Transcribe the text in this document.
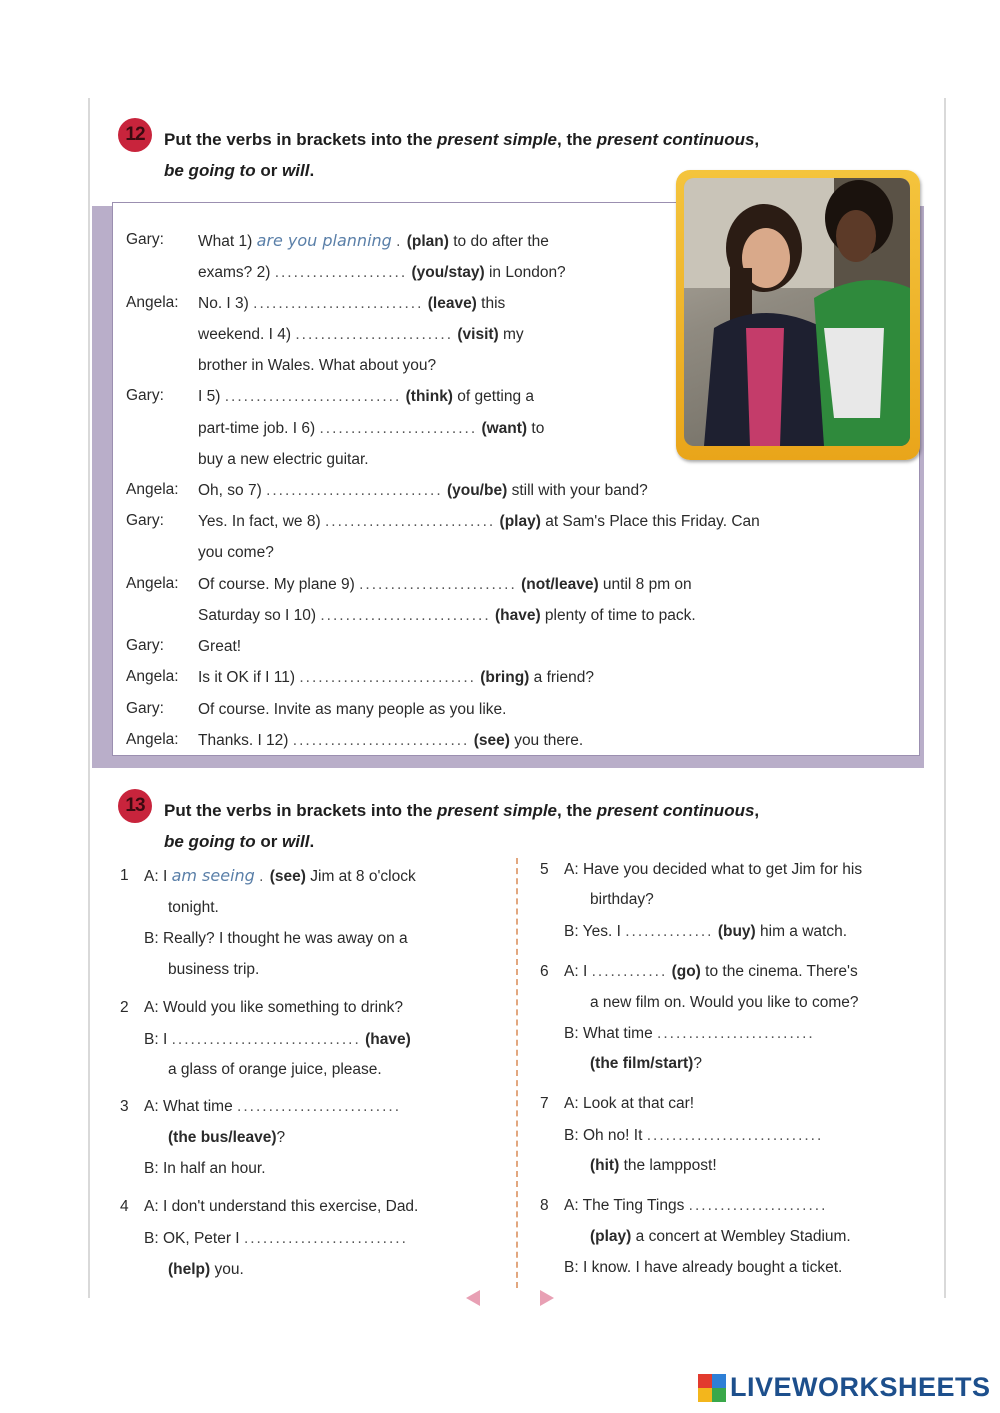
12	Put the verbs in brackets into the present simple, the present continuous,
be going to or will.
Gary: What 1) are you planning . (plan) to do after the
exams? 2) ..................... (you/stay) in London?
Angela: No. I 3) ........................... (leave) this
weekend. I 4) ......................... (visit) my
brother in Wales. What about you?
Gary: I 5) ............................ (think) of getting a
part-time job. I 6) ......................... (want) to
buy a new electric guitar.
Angela: Oh, so 7) ............................ (you/be) still with your band?
Gary: Yes. In fact, we 8) ........................... (play) at Sam's Place this Friday. Can
you come?
Angela: Of course. My plane 9) ......................... (not/leave) until 8 pm on
Saturday so I 10) ........................... (have) plenty of time to pack.
Gary: Great!
Angela: Is it OK if I 11) ............................ (bring) a friend?
Gary: Of course. Invite as many people as you like.
Angela: Thanks. I 12) ............................ (see) you there.
13	Put the verbs in brackets into the present simple, the present continuous,
be going to or will.
1 A: I am seeing . (see) Jim at 8 o'clock
tonight.
B: Really? I thought he was away on a
business trip.
2 A: Would you like something to drink?
B: I .............................. (have)
a glass of orange juice, please.
3 A: What time ..........................
(the bus/leave)?
B: In half an hour.
4 A: I don't understand this exercise, Dad.
B: OK, Peter I ..........................
(help) you.
5 A: Have you decided what to get Jim for his
birthday?
B: Yes. I .............. (buy) him a watch.
6 A: I ............ (go) to the cinema. There's
a new film on. Would you like to come?
B: What time .........................
(the film/start)?
7 A: Look at that car!
B: Oh no! It ............................
(hit) the lamppost!
8 A: The Ting Tings ......................
(play) a concert at Wembley Stadium.
B: I know. I have already bought a ticket.
LIVEWORKSHEETS
